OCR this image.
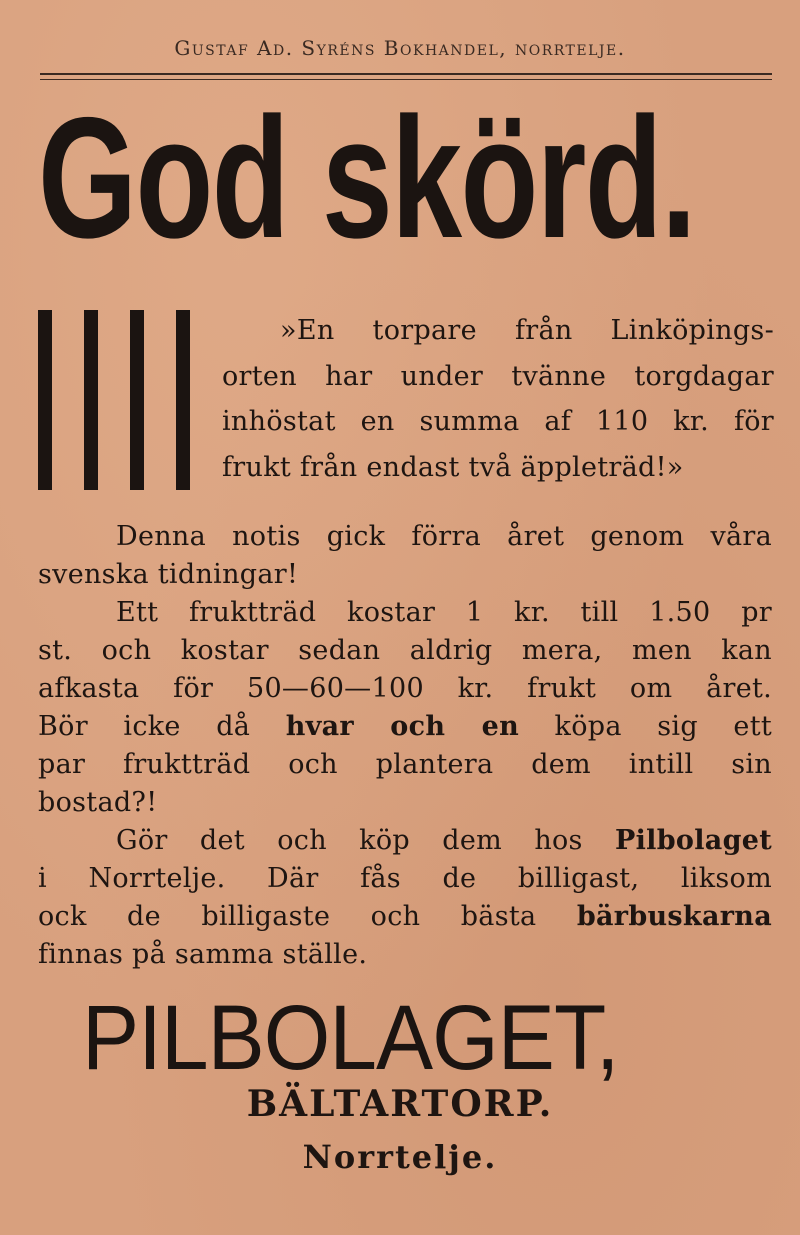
Gustaf Ad. Syréns Bokhandel, norrtelje.
God skörd.
»En torpare från Linköpings-
orten har under tvänne torgdagar
inhöstat en summa af 110 kr. för
frukt från endast två äppleträd!»
Denna notis gick förra året genom våra
svenska tidningar!
Ett fruktträd kostar 1 kr. till 1.50 pr
st. och kostar sedan aldrig mera, men kan
afkasta för 50—60—100 kr. frukt om året.
Bör icke då hvar och en köpa sig ett
par fruktträd och plantera dem intill sin
bostad?!
Gör det och köp dem hos Pilbolaget
i Norrtelje. Där fås de billigast, liksom
ock de billigaste och bästa bärbuskarna
finnas på samma ställe.
PILBOLAGET,
BÄLTARTORP.
Norrtelje.
